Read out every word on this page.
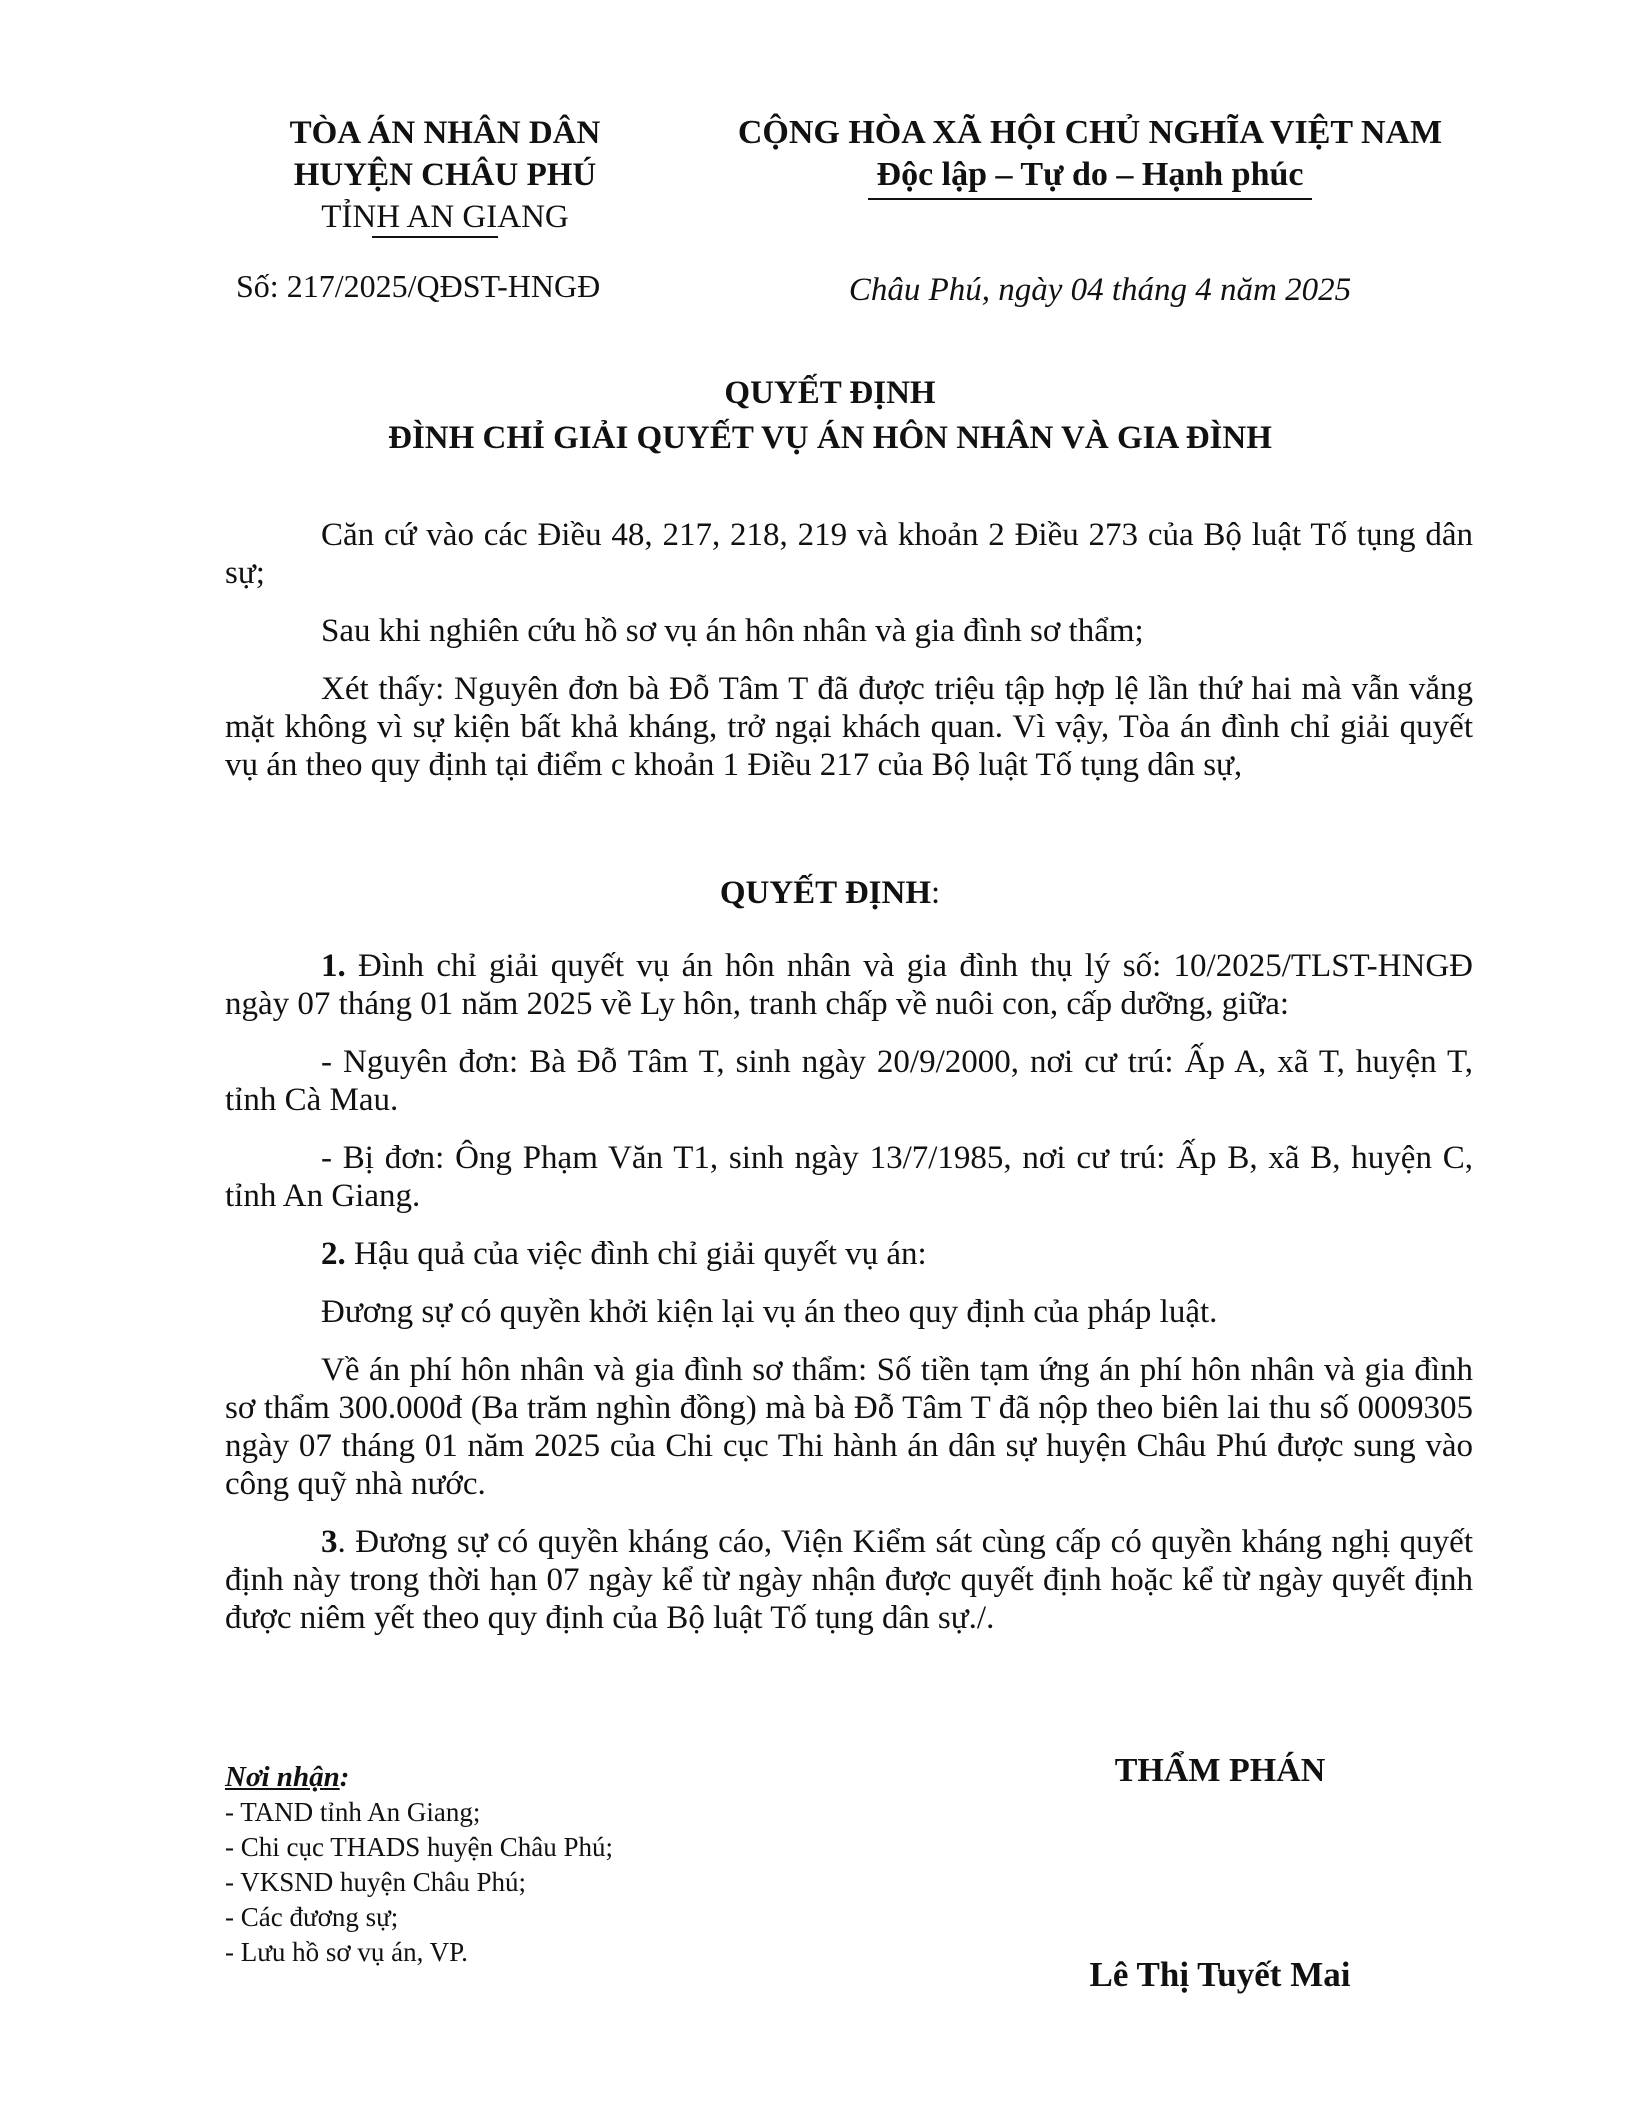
TÒA ÁN NHÂN DÂN
HUYỆN CHÂU PHÚ
TỈNH AN GIANG
CỘNG HÒA XÃ HỘI CHỦ NGHĨA VIỆT NAM
Độc lập – Tự do – Hạnh phúc
Số: 217/2025/QĐST-HNGĐ	Châu Phú, ngày 04 tháng 4 năm 2025
QUYẾT ĐỊNH
ĐÌNH CHỈ GIẢI QUYẾT VỤ ÁN HÔN NHÂN VÀ GIA ĐÌNH

Căn cứ vào các Điều 48, 217, 218, 219 và khoản 2 Điều 273 của Bộ luật Tố tụng dân sự;

Sau khi nghiên cứu hồ sơ vụ án hôn nhân và gia đình sơ thẩm;

Xét thấy: Nguyên đơn bà Đỗ Tâm T đã được triệu tập hợp lệ lần thứ hai mà vẫn vắng mặt không vì sự kiện bất khả kháng, trở ngại khách quan. Vì vậy, Tòa án đình chỉ giải quyết vụ án theo quy định tại điểm c khoản 1 Điều 217 của Bộ luật Tố tụng dân sự,

QUYẾT ĐỊNH:

1. Đình chỉ giải quyết vụ án hôn nhân và gia đình thụ lý số: 10/2025/TLST-HNGĐ ngày 07 tháng 01 năm 2025 về Ly hôn, tranh chấp về nuôi con, cấp dưỡng, giữa:

- Nguyên đơn: Bà Đỗ Tâm T, sinh ngày 20/9/2000, nơi cư trú: Ấp A, xã T, huyện T, tỉnh Cà Mau.

- Bị đơn: Ông Phạm Văn T1, sinh ngày 13/7/1985, nơi cư trú: Ấp B, xã B, huyện C, tỉnh An Giang.

2. Hậu quả của việc đình chỉ giải quyết vụ án:

Đương sự có quyền khởi kiện lại vụ án theo quy định của pháp luật.

Về án phí hôn nhân và gia đình sơ thẩm: Số tiền tạm ứng án phí hôn nhân và gia đình sơ thẩm 300.000đ (Ba trăm nghìn đồng) mà bà Đỗ Tâm T đã nộp theo biên lai thu số 0009305 ngày 07 tháng 01 năm 2025 của Chi cục Thi hành án dân sự huyện Châu Phú được sung vào công quỹ nhà nước.

3. Đương sự có quyền kháng cáo, Viện Kiểm sát cùng cấp có quyền kháng nghị quyết định này trong thời hạn 07 ngày kể từ ngày nhận được quyết định hoặc kể từ ngày quyết định được niêm yết theo quy định của Bộ luật Tố tụng dân sự./.

Nơi nhận:
- TAND tỉnh An Giang;
- Chi cục THADS huyện Châu Phú;
- VKSND huyện Châu Phú;
- Các đương sự;
- Lưu hồ sơ vụ án, VP.
THẨM PHÁN
Lê Thị Tuyết Mai
